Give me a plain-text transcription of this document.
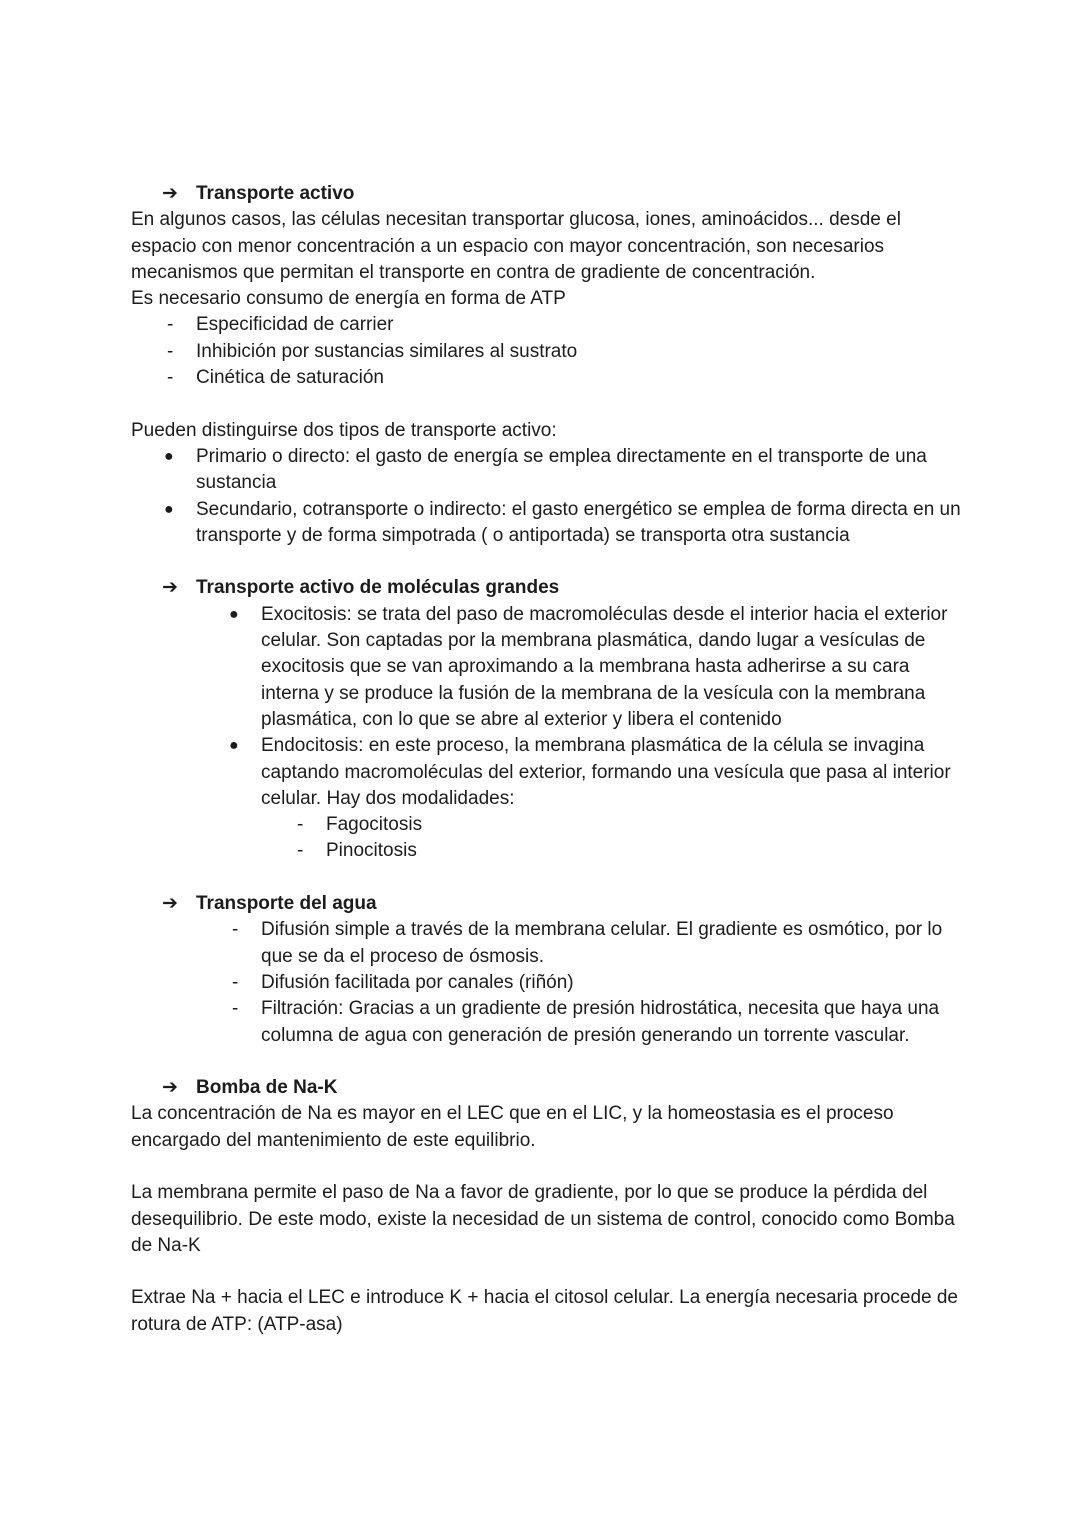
➔ Transporte activo

En algunos casos, las células necesitan transportar glucosa, iones, aminoácidos... desde el espacio con menor concentración a un espacio con mayor concentración, son necesarios mecanismos que permitan el transporte en contra de gradiente de concentración.

Es necesario consumo de energía en forma de ATP

- Especificidad de carrier
- Inhibición por sustancias similares al sustrato
- Cinética de saturación

Pueden distinguirse dos tipos de transporte activo:

● Primario o directo: el gasto de energía se emplea directamente en el transporte de una sustancia
● Secundario, cotransporte o indirecto: el gasto energético se emplea de forma directa en un transporte y de forma simpotrada ( o antiportada) se transporta otra sustancia
➔ Transporte activo de moléculas grandes
● Exocitosis: se trata del paso de macromoléculas desde el interior hacia el exterior celular. Son captadas por la membrana plasmática, dando lugar a vesículas de exocitosis que se van aproximando a la membrana hasta adherirse a su cara interna y se produce la fusión de la membrana de la vesícula con la membrana plasmática, con lo que se abre al exterior y libera el contenido
● Endocitosis: en este proceso, la membrana plasmática de la célula se invagina captando macromoléculas del exterior, formando una vesícula que pasa al interior celular. Hay dos modalidades:
- Fagocitosis
- Pinocitosis
➔ Transporte del agua
- Difusión simple a través de la membrana celular. El gradiente es osmótico, por lo que se da el proceso de ósmosis.
- Difusión facilitada por canales (riñón)
- Filtración: Gracias a un gradiente de presión hidrostática, necesita que haya una columna de agua con generación de presión generando un torrente vascular.
➔ Bomba de Na-K

La concentración de Na es mayor en el LEC que en el LIC, y la homeostasia es el proceso encargado del mantenimiento de este equilibrio.

La membrana permite el paso de Na a favor de gradiente, por lo que se produce la pérdida del desequilibrio. De este modo, existe la necesidad de un sistema de control, conocido como Bomba de Na-K

Extrae Na + hacia el LEC e introduce K + hacia el citosol celular. La energía necesaria procede de rotura de ATP: (ATP-asa)
